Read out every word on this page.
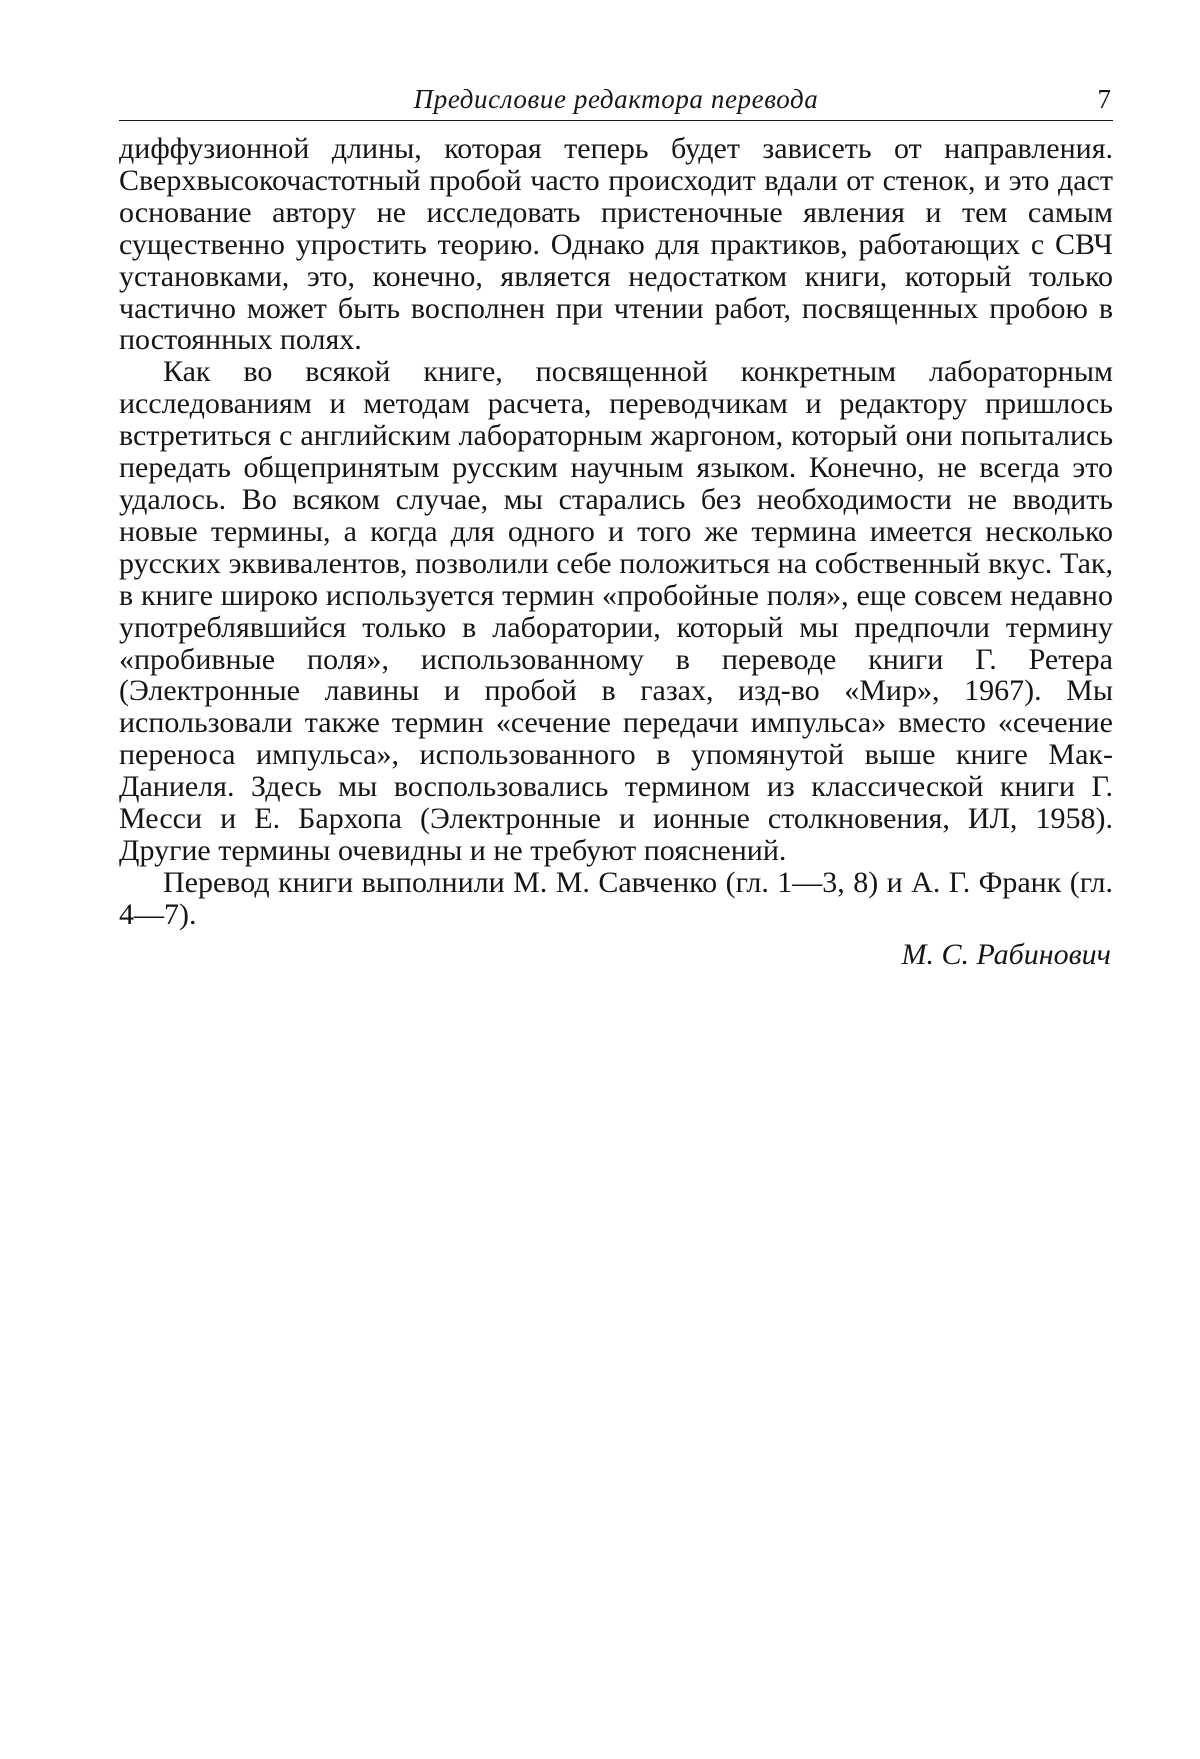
Предисловие редактора перевода	7

диффузионной длины, которая теперь будет зависеть от направления. Сверхвысокочастотный пробой часто происходит вдали от стенок, и это даст основание автору не исследовать пристеночные явления и тем самым существенно упростить теорию. Однако для практиков, работающих с СВЧ установками, это, конечно, является недостатком книги, который только частично может быть восполнен при чтении работ, посвященных пробою в постоянных полях.

Как во всякой книге, посвященной конкретным лабораторным исследованиям и методам расчета, переводчикам и редактору пришлось встретиться с английским лабораторным жаргоном, который они попытались передать общепринятым русским научным языком. Конечно, не всегда это удалось. Во всяком случае, мы старались без необходимости не вводить новые термины, а когда для одного и того же термина имеется несколько русских эквивалентов, позволили себе положиться на собственный вкус. Так, в книге широко используется термин «пробойные поля», еще совсем недавно употреблявшийся только в лаборатории, который мы предпочли термину «пробивные поля», использованному в переводе книги Г. Ретера (Электронные лавины и пробой в газах, изд-во «Мир», 1967). Мы использовали также термин «сечение передачи импульса» вместо «сечение переноса импульса», использованного в упомянутой выше книге Мак-Даниеля. Здесь мы воспользовались термином из классической книги Г. Месси и Е. Бархопа (Электронные и ионные столкновения, ИЛ, 1958). Другие термины очевидны и не требуют пояснений.

Перевод книги выполнили М. М. Савченко (гл. 1—3, 8) и А. Г. Франк (гл. 4—7).

М. С. Рабинович
